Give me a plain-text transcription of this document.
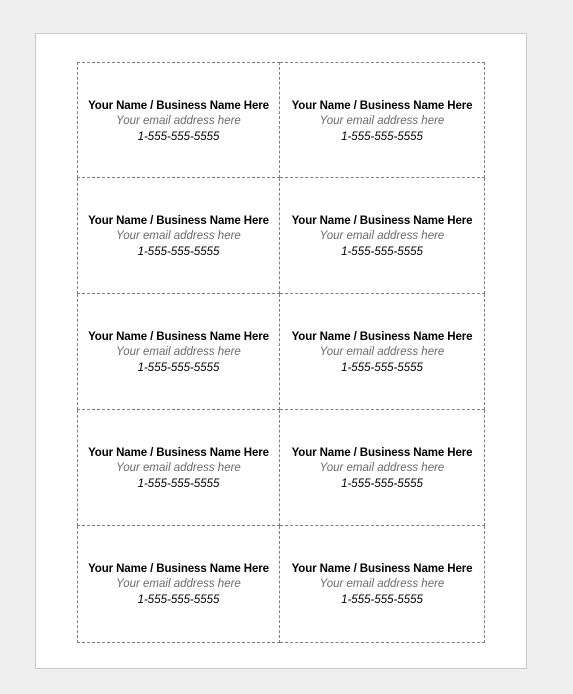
Your Name / Business Name Here
Your email address here
1-555-555-5555
Your Name / Business Name Here
Your email address here
1-555-555-5555
Your Name / Business Name Here
Your email address here
1-555-555-5555
Your Name / Business Name Here
Your email address here
1-555-555-5555
Your Name / Business Name Here
Your email address here
1-555-555-5555
Your Name / Business Name Here
Your email address here
1-555-555-5555
Your Name / Business Name Here
Your email address here
1-555-555-5555
Your Name / Business Name Here
Your email address here
1-555-555-5555
Your Name / Business Name Here
Your email address here
1-555-555-5555
Your Name / Business Name Here
Your email address here
1-555-555-5555
